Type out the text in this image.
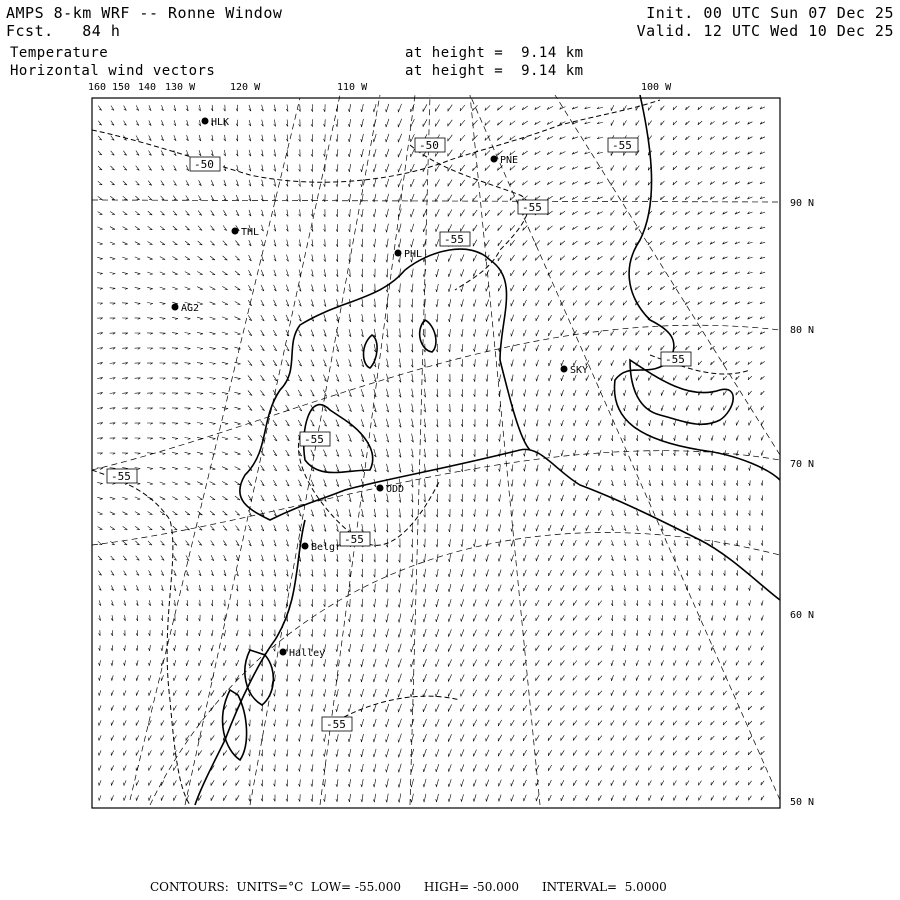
AMPS 8-km WRF -- Ronne Window
Fcst. 84 h
Temperature
Horizontal wind vectors
Init. 00 UTC Sun 07 Dec 25
Valid. 12 UTC Wed 10 Dec 25
at height = 9.14 km
at height = 9.14 km
-50
-50	-55
-55
-55
-55
-55
-55
-55
-55
HLK
PNE
THL
PHL
AG2
SKY
ODD
Belgr
Halley
160 150 140 130 W	120 W	110 W	100 W
90 N
80 N
70 N
60 N
50 N
CONTOURS: UNITS=°C LOW= -55.000 HIGH= -50.000 INTERVAL= 5.0000
